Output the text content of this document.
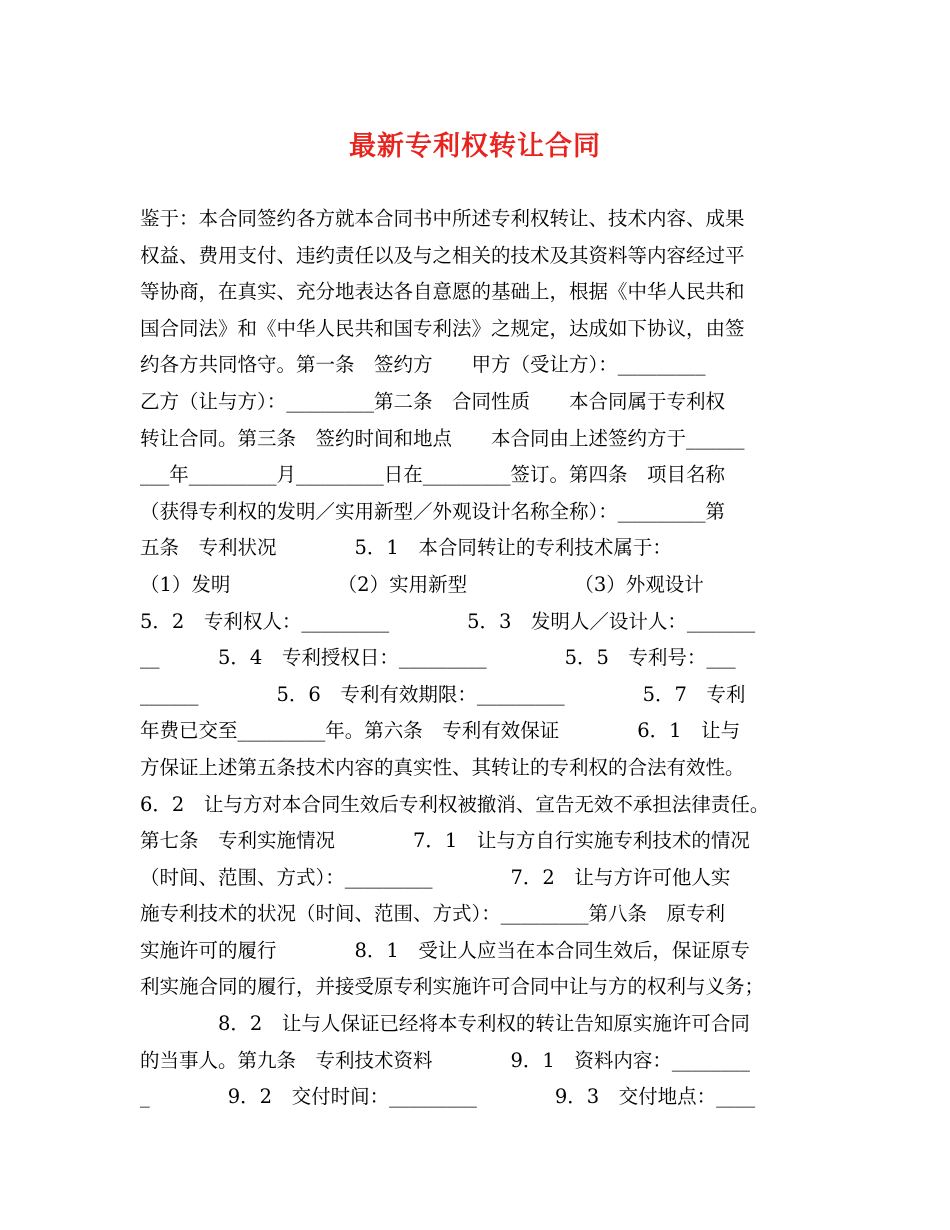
最新专利权转让合同
鉴于：本合同签约各方就本合同书中所述专利权转让、技术内容、成果
权益、费用支付、违约责任以及与之相关的技术及其资料等内容经过平
等协商，在真实、充分地表达各自意愿的基础上，根据《中华人民共和
国合同法》和《中华人民共和国专利法》之规定，达成如下协议，由签
约各方共同恪守。第一条　签约方　　甲方（受让方）：_________
乙方（让与方）：_________第二条　合同性质　　本合同属于专利权
转让合同。第三条　签约时间和地点　　本合同由上述签约方于______
___年_________月_________日在_________签订。第四条　项目名称
（获得专利权的发明／实用新型／外观设计名称全称）：_________第
五条　专利状况　　　　5．1　本合同转让的专利技术属于：
（1）发明　　　　　　（2）实用新型　　　　　　（3）外观设计
5．2　专利权人：_________　　　　5．3　发明人／设计人：_______
__　　　5．4　专利授权日：_________　　　　5．5　专利号：___
______　　　　5．6　专利有效期限：_________　　　　5．7　专利
年费已交至_________年。第六条　专利有效保证　　　　6．1　让与
方保证上述第五条技术内容的真实性、其转让的专利权的合法有效性。
6．2　让与方对本合同生效后专利权被撤消、宣告无效不承担法律责任。
第七条　专利实施情况　　　　7．1　让与方自行实施专利技术的情况
（时间、范围、方式）：_________　　　　7．2　让与方许可他人实
施专利技术的状况（时间、范围、方式）：_________第八条　原专利
实施许可的履行　　　　8．1　受让人应当在本合同生效后，保证原专
利实施合同的履行，并接受原专利实施许可合同中让与方的权利与义务；
　　　　8．2　让与人保证已经将本专利权的转让告知原实施许可合同
的当事人。第九条　专利技术资料　　　　9．1　资料内容：________
_　　　　9．2　交付时间：_________　　　　9．3　交付地点：____
